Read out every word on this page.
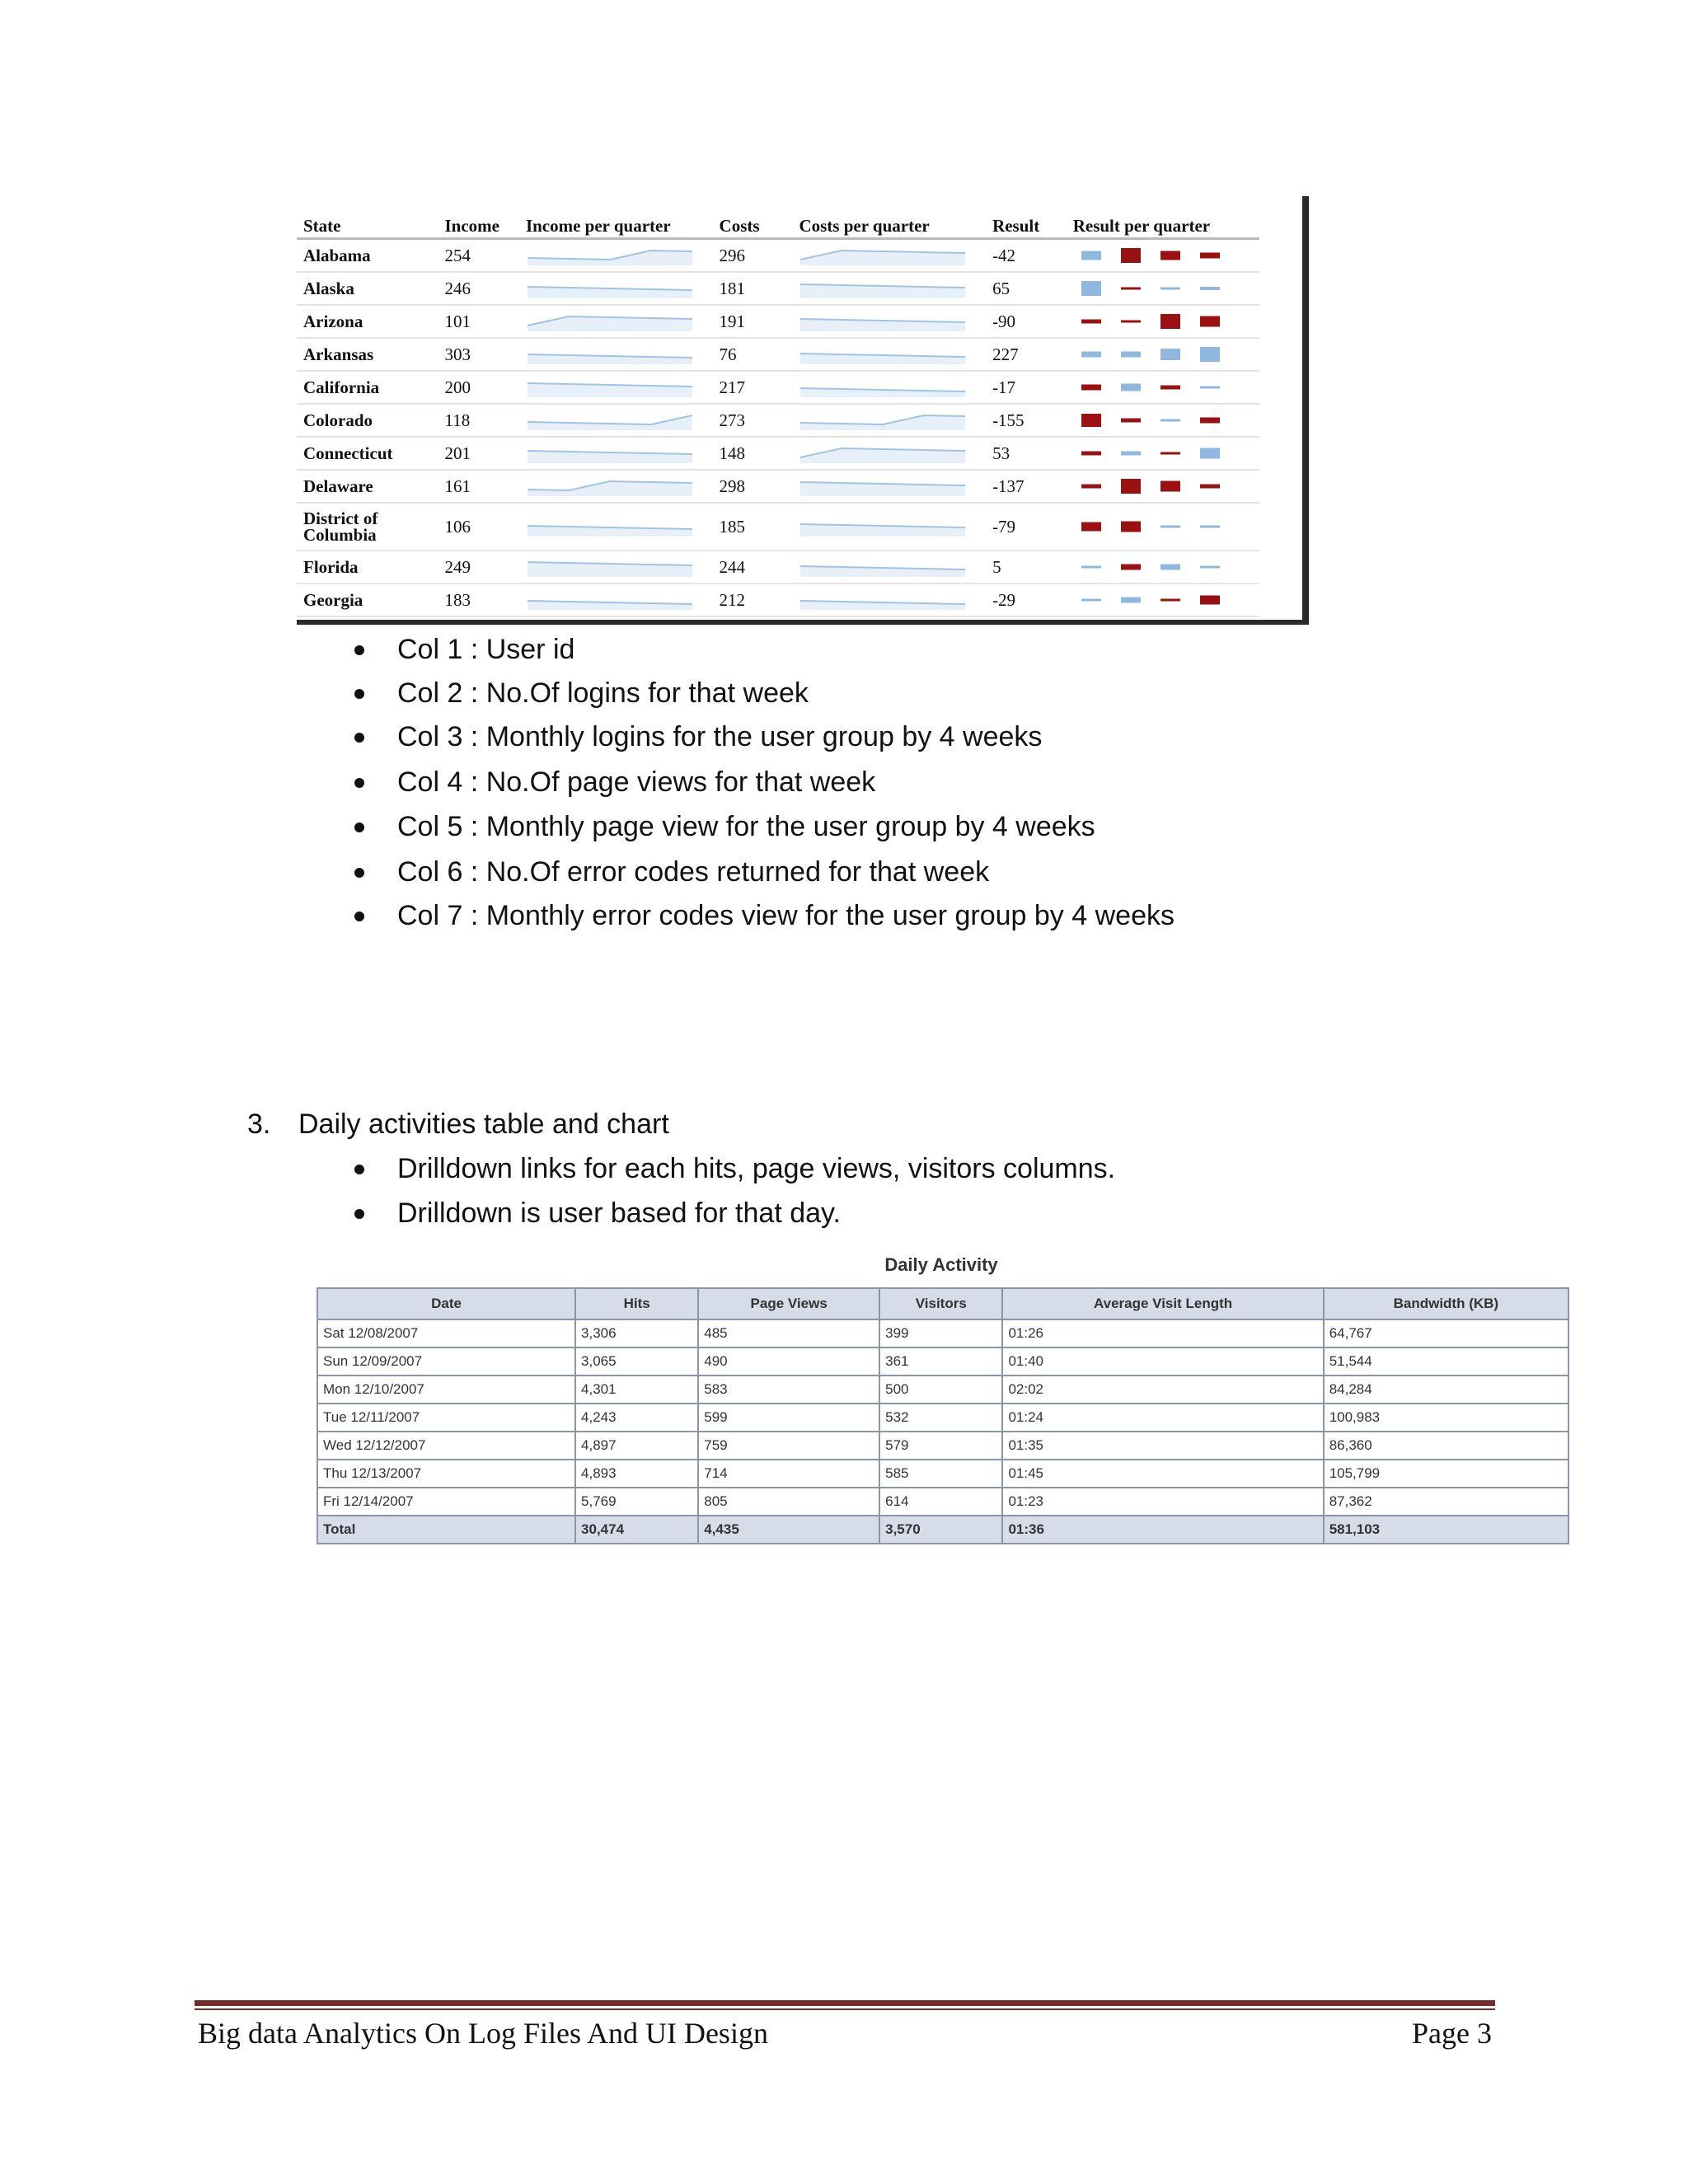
State	Income	Income per quarter	Costs	Costs per quarter	Result	Result per quarter
Alabama	254		296		-42	

Alaska	246		181		65	

Arizona	101		191		-90	

Arkansas	303		76		227	

California	200		217		-17	

Colorado	118		273		-155	

Connecticut	201		148		53	

Delaware	161		298		-137	

District of Columbia	106		185		-79	

Florida	249		244		5	

Georgia	183		212		-29	
Col 1 : User id
Col 2 : No.Of logins for that week
Col 3 : Monthly logins for the user group by 4 weeks
Col 4 : No.Of page views for that week
Col 5 : Monthly page view for the user group by 4 weeks
Col 6 : No.Of error codes returned for that week
Col 7 : Monthly error codes view for the user group by 4 weeks
3. Daily activities table and chart
Drilldown links for each hits, page views, visitors columns.
Drilldown is user based for that day.
Daily Activity
Date	Hits	Page Views	Visitors	Average Visit Length	Bandwidth (KB)
Sat 12/08/2007	3,306	485	399	01:26	64,767
Sun 12/09/2007	3,065	490	361	01:40	51,544
Mon 12/10/2007	4,301	583	500	02:02	84,284
Tue 12/11/2007	4,243	599	532	01:24	100,983
Wed 12/12/2007	4,897	759	579	01:35	86,360
Thu 12/13/2007	4,893	714	585	01:45	105,799
Fri 12/14/2007	5,769	805	614	01:23	87,362
Total	30,474	4,435	3,570	01:36	581,103
Big data Analytics On Log Files And UI Design	Page 3
